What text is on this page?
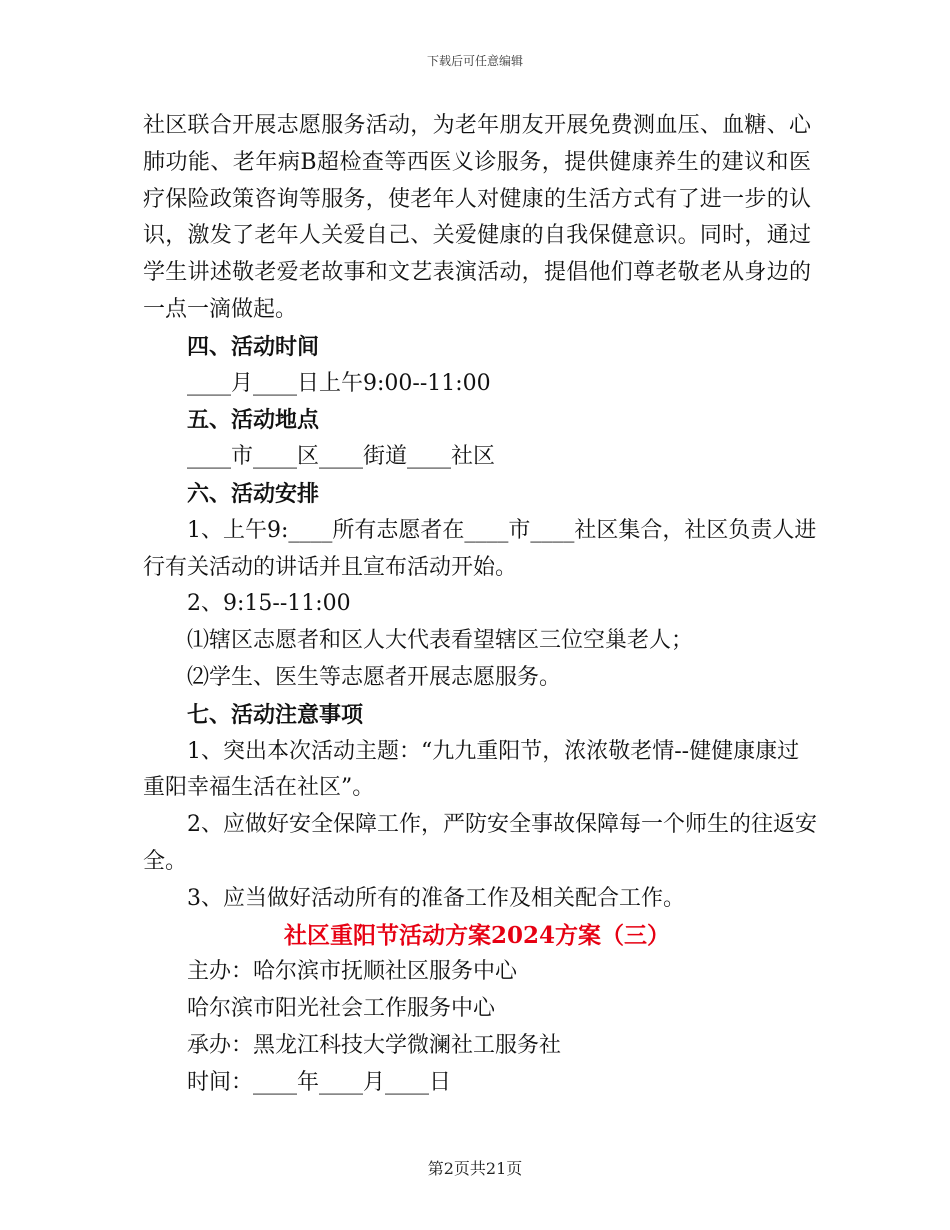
下载后可任意编辑
社区联合开展志愿服务活动，为老年朋友开展免费测血压、血糖、心
肺功能、老年病B超检查等西医义诊服务，提供健康养生的建议和医
疗保险政策咨询等服务，使老年人对健康的生活方式有了进一步的认
识，激发了老年人关爱自己、关爱健康的自我保健意识。同时，通过
学生讲述敬老爱老故事和文艺表演活动，提倡他们尊老敬老从身边的
一点一滴做起。
四、活动时间
____月____日上午9:00--11:00
五、活动地点
____市____区____街道____社区
六、活动安排
1、上午9:____所有志愿者在____市____社区集合，社区负责人进
行有关活动的讲话并且宣布活动开始。
2、9:15--11:00
⑴辖区志愿者和区人大代表看望辖区三位空巢老人；
⑵学生、医生等志愿者开展志愿服务。
七、活动注意事项
1、突出本次活动主题：“九九重阳节，浓浓敬老情--健健康康过
重阳幸福生活在社区”。
2、应做好安全保障工作，严防安全事故保障每一个师生的往返安
全。
3、应当做好活动所有的准备工作及相关配合工作。
社区重阳节活动方案2024方案（三）
主办：哈尔滨市抚顺社区服务中心
哈尔滨市阳光社会工作服务中心
承办：黑龙江科技大学微澜社工服务社
时间：____年____月____日
第2页共21页
